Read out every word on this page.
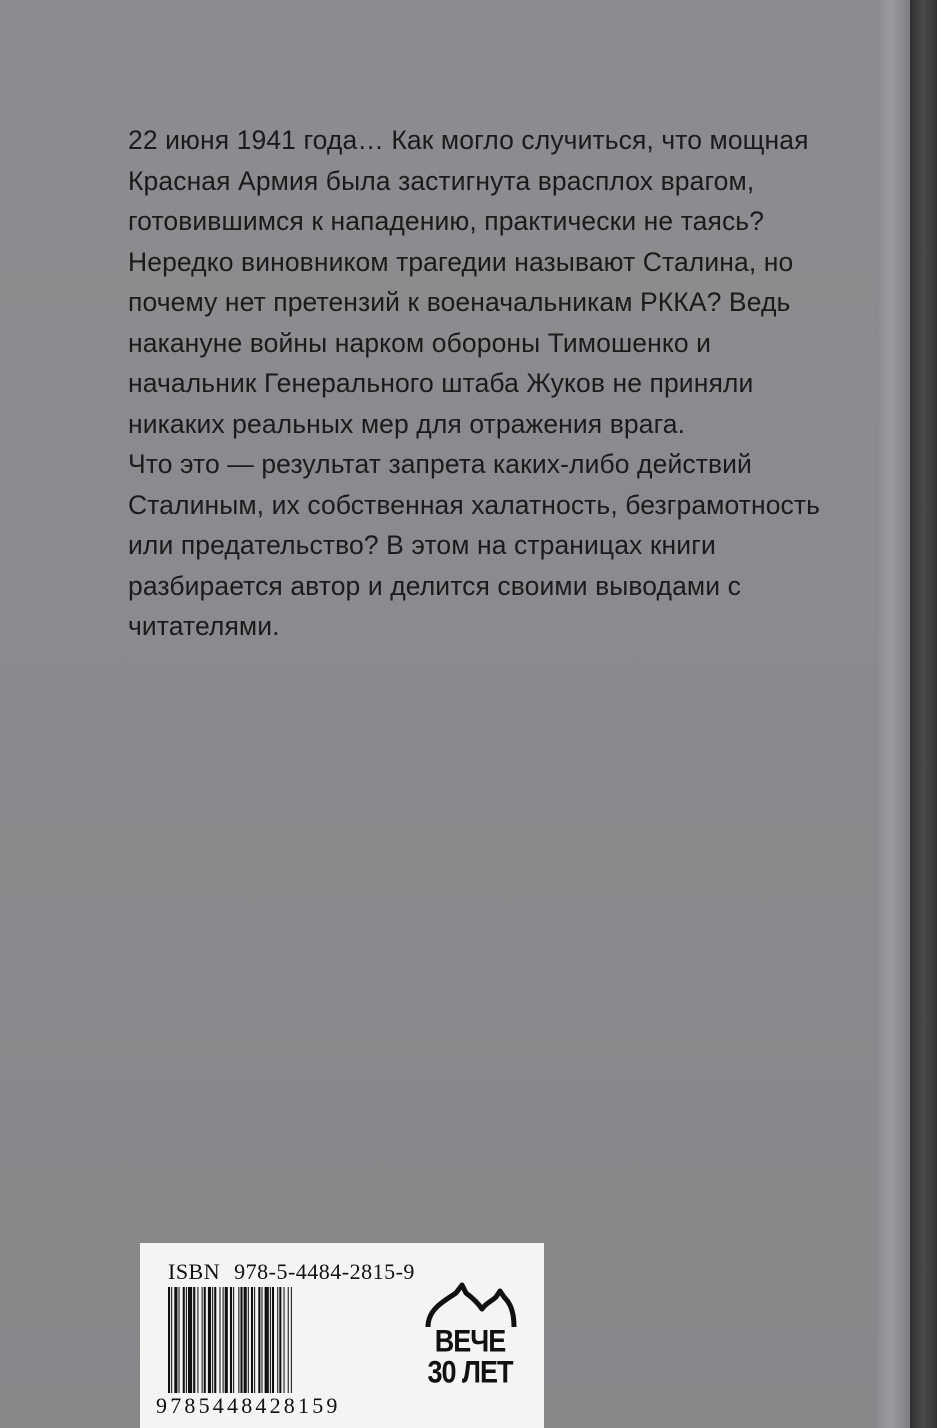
22 июня 1941 года… Как могло случиться, что мощная Красная Армия была застигнута врасплох врагом, готовившимся к нападению, практически не таясь?

Нередко виновником трагедии называют Сталина, но почему нет претензий к военачальникам РККА? Ведь накануне войны нарком обороны Тимошенко и начальник Генерального штаба Жуков не приняли никаких реальных мер для отражения врага.

Что это — результат запрета каких-либо действий Сталиным, их собственная халатность, безграмотность или предательство? В этом на страницах книги разбирается автор и делится своими выводами с читателями.

ISBN 978-5-4484-2815-9
9785448428159
ВЕЧЕ
30 ЛЕТ
